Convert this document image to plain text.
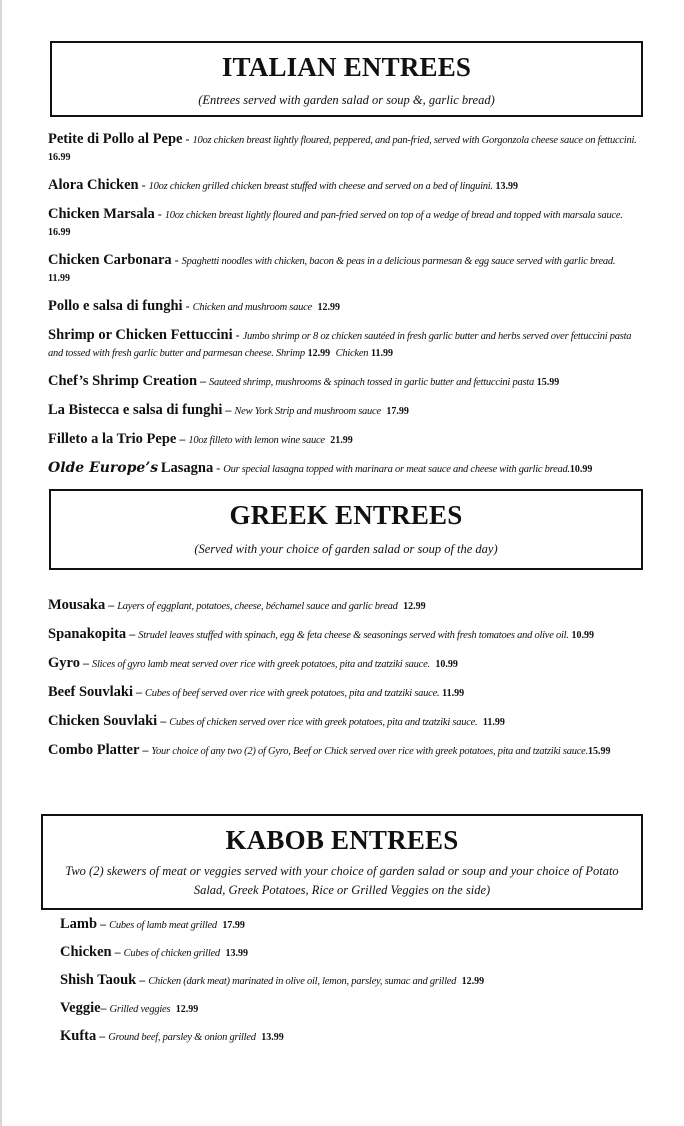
ITALIAN ENTREES

(Entrees served with garden salad or soup &, garlic bread)

Petite di Pollo al Pepe - 10oz chicken breast lightly floured, peppered, and pan-fried, served with Gorgonzola cheese sauce on fettuccini.  16.99
Alora Chicken - 10oz chicken grilled chicken breast stuffed with cheese and served on a bed of linguini. 13.99
Chicken Marsala - 10oz chicken breast lightly floured and pan-fried served on top of a wedge of bread and topped with marsala sauce.  16.99
Chicken Carbonara - Spaghetti noodles with chicken, bacon & peas in a delicious parmesan & egg sauce served with garlic bread.  11.99
Pollo e salsa di funghi - Chicken and mushroom sauce 12.99
Shrimp or Chicken Fettuccini - Jumbo shrimp or 8 oz chicken sautéed in fresh garlic butter and herbs served over fettuccini pasta and tossed with fresh garlic butter and parmesan cheese. Shrimp 12.99 Chicken 11.99
Chef’s Shrimp Creation – Sauteed shrimp, mushrooms & spinach tossed in garlic butter and fettuccini pasta 15.99
La Bistecca e salsa di funghi – New York Strip and mushroom sauce 17.99
Filleto a la Trio Pepe – 10oz filleto with lemon wine sauce 21.99
Olde Europe’s Lasagna - Our special lasagna topped with marinara or meat sauce and cheese with garlic bread.10.99
GREEK ENTREES

(Served with your choice of garden salad or soup of the day)

Mousaka – Layers of eggplant, potatoes, cheese, béchamel sauce and garlic bread 12.99
Spanakopita – Strudel leaves stuffed with spinach, egg & feta cheese & seasonings served with fresh tomatoes and olive oil. 10.99
Gyro – Slices of gyro lamb meat served over rice with greek potatoes, pita and tzatziki sauce. 10.99
Beef Souvlaki – Cubes of beef served over rice with greek potatoes, pita and tzatziki sauce. 11.99
Chicken Souvlaki – Cubes of chicken served over rice with greek potatoes, pita and tzatziki sauce. 11.99
Combo Platter – Your choice of any two (2) of Gyro, Beef or Chick served over rice with greek potatoes, pita and tzatziki sauce.15.99
KABOB ENTREES

Two (2) skewers of meat or veggies served with your choice of garden salad or soup and your choice of Potato Salad, Greek Potatoes, Rice or Grilled Veggies on the side)

Lamb – Cubes of lamb meat grilled 17.99
Chicken – Cubes of chicken grilled 13.99
Shish Taouk – Chicken (dark meat) marinated in olive oil, lemon, parsley, sumac and grilled 12.99
Veggie– Grilled veggies 12.99
Kufta – Ground beef, parsley & onion grilled 13.99
